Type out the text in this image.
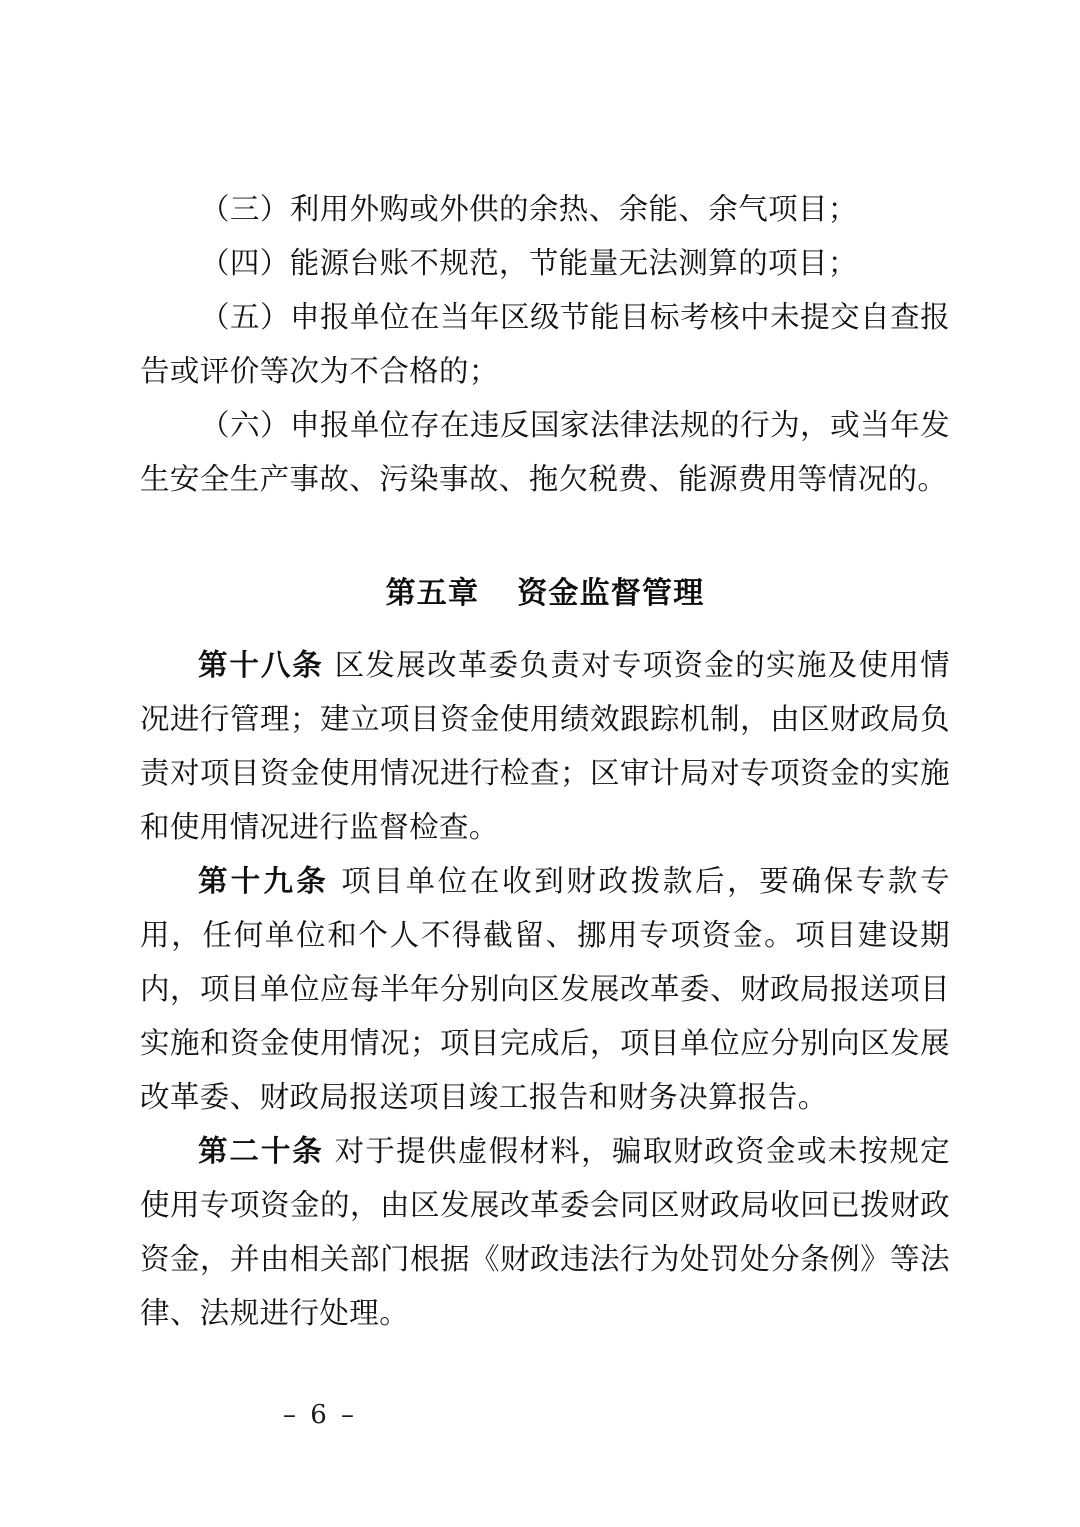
（三）利用外购或外供的余热、余能、余气项目；

（四）能源台账不规范，节能量无法测算的项目；

（五）申报单位在当年区级节能目标考核中未提交自查报告或评价等次为不合格的；

（六）申报单位存在违反国家法律法规的行为，或当年发生安全生产事故、污染事故、拖欠税费、能源费用等情况的。

第五章 资金监督管理

第十八条 区发展改革委负责对专项资金的实施及使用情况进行管理；建立项目资金使用绩效跟踪机制，由区财政局负责对项目资金使用情况进行检查；区审计局对专项资金的实施和使用情况进行监督检查。

第十九条 项目单位在收到财政拨款后，要确保专款专用，任何单位和个人不得截留、挪用专项资金。项目建设期内，项目单位应每半年分别向区发展改革委、财政局报送项目实施和资金使用情况；项目完成后，项目单位应分别向区发展改革委、财政局报送项目竣工报告和财务决算报告。

第二十条 对于提供虚假材料，骗取财政资金或未按规定使用专项资金的，由区发展改革委会同区财政局收回已拨财政资金，并由相关部门根据《财政违法行为处罚处分条例》等法律、法规进行处理。

– 6 –
